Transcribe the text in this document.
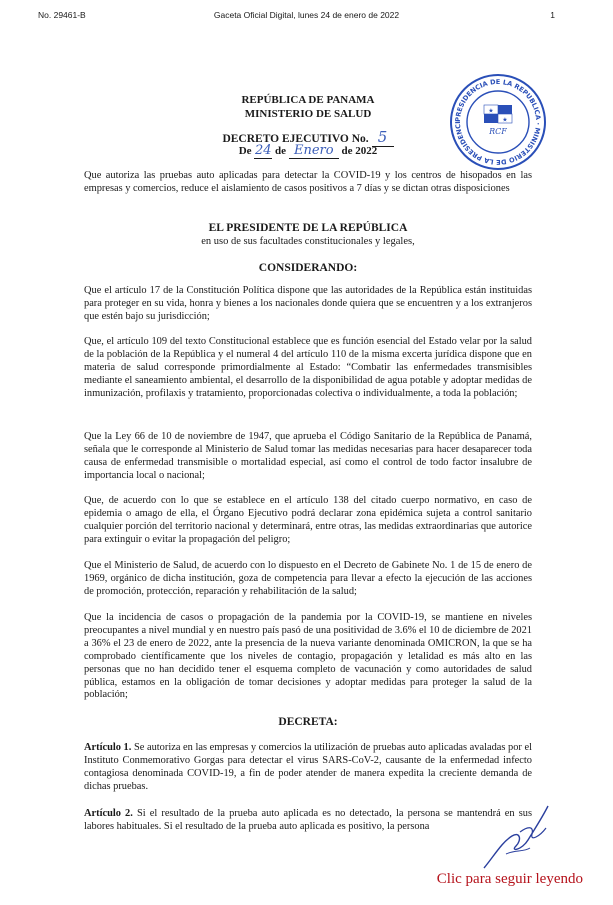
No. 29461-B	Gaceta Oficial Digital, lunes 24 de enero de 2022	1
PRESIDENCIA DE LA REPUBLICA · MINISTERIO DE LA PRESIDENCI
★
★
RCF
REPÚBLICA DE PANAMA
MINISTERIO DE SALUD
DECRETO EJECUTIVO No. 5
De 24 de Enero de 2022
Que autoriza las pruebas auto aplicadas para detectar la COVID-19 y los centros de hisopados en las empresas y comercios, reduce el aislamiento de casos positivos a 7 días y se dictan otras disposiciones
EL PRESIDENTE DE LA REPÚBLICA
en uso de sus facultades constitucionales y legales,
CONSIDERANDO:
Que el artículo 17 de la Constitución Política dispone que las autoridades de la República están instituidas para proteger en su vida, honra y bienes a los nacionales donde quiera que se encuentren y a los extranjeros que estén bajo su jurisdicción;
Que, el artículo 109 del texto Constitucional establece que es función esencial del Estado velar por la salud de la población de la República y el numeral 4 del artículo 110 de la misma excerta jurídica dispone que en materia de salud corresponde primordialmente al Estado: “Combatir las enfermedades transmisibles mediante el saneamiento ambiental, el desarrollo de la disponibilidad de agua potable y adoptar medidas de inmunización, profilaxis y tratamiento, proporcionadas colectiva o individualmente, a toda la población;
Que la Ley 66 de 10 de noviembre de 1947, que aprueba el Código Sanitario de la República de Panamá, señala que le corresponde al Ministerio de Salud tomar las medidas necesarias para hacer desaparecer toda causa de enfermedad transmisible o mortalidad especial, así como el control de todo factor insalubre de importancia local o nacional;
Que, de acuerdo con lo que se establece en el artículo 138 del citado cuerpo normativo, en caso de epidemia o amago de ella, el Órgano Ejecutivo podrá declarar zona epidémica sujeta a control sanitario cualquier porción del territorio nacional y determinará, entre otras, las medidas extraordinarias que autorice para extinguir o evitar la propagación del peligro;
Que el Ministerio de Salud, de acuerdo con lo dispuesto en el Decreto de Gabinete No. 1 de 15 de enero de 1969, orgánico de dicha institución, goza de competencia para llevar a efecto la ejecución de las acciones de promoción, protección, reparación y rehabilitación de la salud;
Que la incidencia de casos o propagación de la pandemia por la COVID-19, se mantiene en niveles preocupantes a nivel mundial y en nuestro país pasó de una positividad de 3.6% el 10 de diciembre de 2021 a 36% el 23 de enero de 2022, ante la presencia de la nueva variante denominada OMICRON, la que se ha comprobado científicamente que los niveles de contagio, propagación y letalidad es más alto en las personas que no han decidido tener el esquema completo de vacunación y como autoridades de salud pública, estamos en la obligación de tomar decisiones y adoptar medidas para proteger la salud de la población;
DECRETA:
Artículo 1. Se autoriza en las empresas y comercios la utilización de pruebas auto aplicadas avaladas por el Instituto Conmemorativo Gorgas para detectar el virus SARS-CoV-2, causante de la enfermedad infecto contagiosa denominada COVID-19, a fin de poder atender de manera expedita la creciente demanda de dichas pruebas.
Artículo 2. Si el resultado de la prueba auto aplicada es no detectado, la persona se mantendrá en sus labores habituales. Si el resultado de la prueba auto aplicada es positivo, la persona
Clic para seguir leyendo
